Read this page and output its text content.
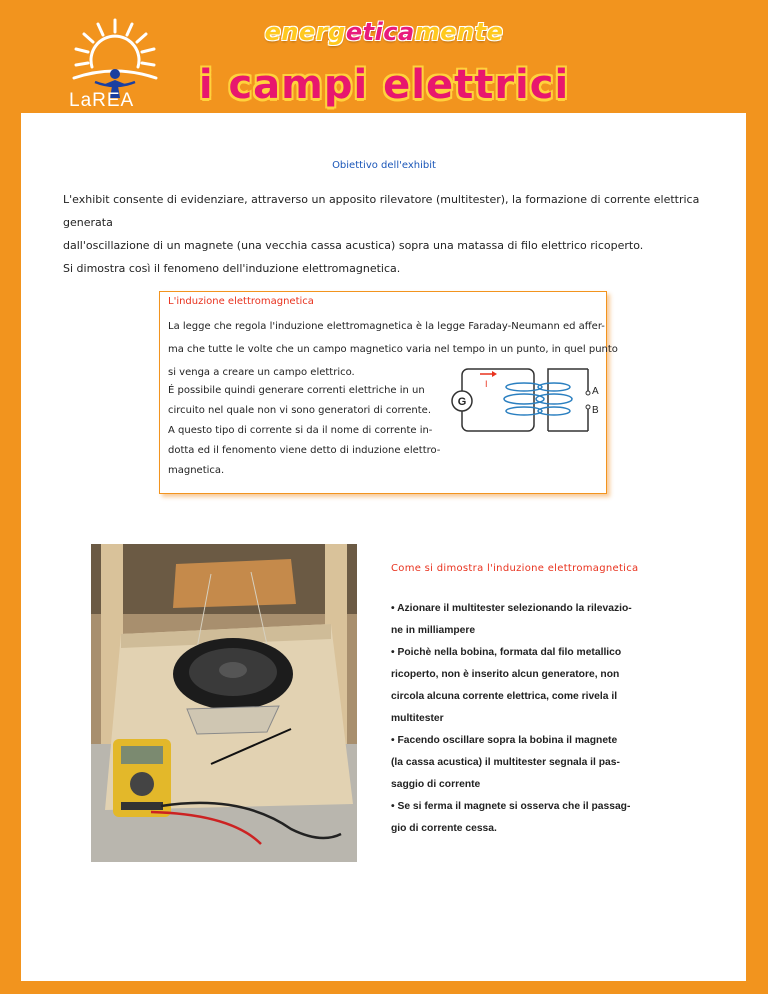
LaREA
energeticamente
i campi elettrici
Obiettivo dell'exhibit

L'exhibit consente di evidenziare, attraverso un apposito rilevatore (multitester), la formazione di corrente elettrica generata

dall'oscillazione di un magnete (una vecchia cassa acustica) sopra una matassa di filo elettrico ricoperto.

Si dimostra così il fenomeno dell'induzione elettromagnetica.

L'induzione elettromagnetica
La legge che regola l'induzione elettromagnetica è la legge Faraday-Neumann ed affer-
ma che tutte le volte che un campo magnetico varia nel tempo in un punto, in quel punto
si venga a creare un campo elettrico.
É possibile quindi generare correnti elettriche in un
circuito nel quale non vi sono generatori di corrente.
A questo tipo di corrente si da il nome di corrente in-
dotta ed il fenomento viene detto di induzione elettro-
magnetica.
G
I
A
B
Come si dimostra l'induzione elettromagnetica
• Azionare il multitester selezionando la rilevazio-
ne in milliampere
• Poichè nella bobina, formata dal filo metallico
ricoperto, non è inserito alcun generatore, non
circola alcuna corrente elettrica, come rivela il
multitester
• Facendo oscillare sopra la bobina il magnete
(la cassa acustica) il multitester segnala il pas-
saggio di corrente
• Se si ferma il magnete si osserva che il passag-
gio di corrente cessa.
